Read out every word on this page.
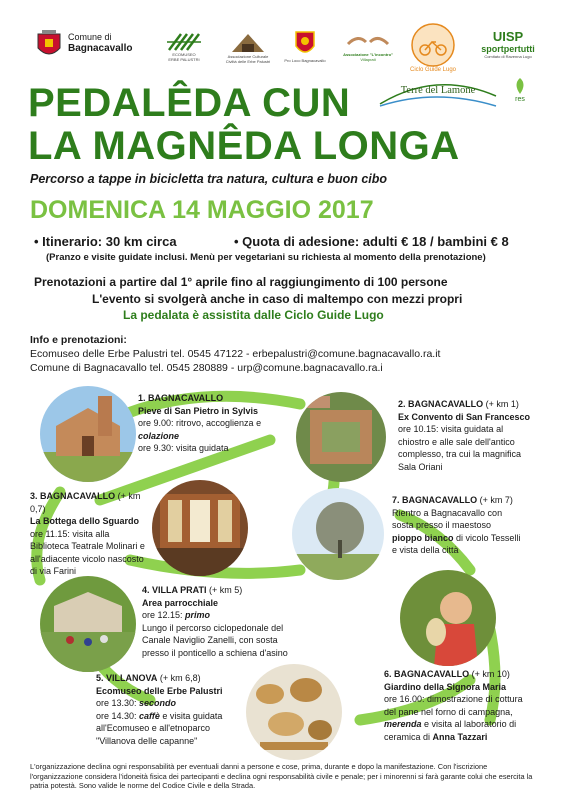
Comune di
Bagnacavallo
ECOMUSEO
ERBE PALUSTRI
Associazione Culturale
Civiltà delle Erbe Palustri	Pro Loco Bagnacavallo
Associazione "L'incontro"
Villaprati
Ciclo Guide Lugo
UISP
sportpertutti
Comitato di Ravenna Lugo
Terre del Lamone
res
PEDALÊDA CUN
LA MAGNÊDA LONGA
Percorso a tappe in bicicletta tra natura, cultura e buon cibo
DOMENICA 14 MAGGIO 2017
• Itinerario: 30 km circa	• Quota di adesione: adulti € 18 / bambini € 8
(Pranzo e visite guidate inclusi. Menù per vegetariani su richiesta al momento della prenotazione)
Prenotazioni a partire dal 1° aprile fino al raggiungimento di 100 persone
L'evento si svolgerà anche in caso di maltempo con mezzi propri
La pedalata è assistita dalle Ciclo Guide Lugo
Info e prenotazioni:
Ecomuseo delle Erbe Palustri tel. 0545 47122 - erbepalustri@comune.bagnacavallo.ra.it
Comune di Bagnacavallo tel. 0545 280889 - urp@comune.bagnacavallo.ra.i
1. BAGNACAVALLO
Pieve di San Pietro in Sylvis
ore 9.00: ritrovo, accoglienza e
colazione
ore 9.30: visita guidata
2. BAGNACAVALLO (+ km 1)
Ex Convento di San Francesco
ore 10.15: visita guidata al
chiostro e alle sale dell'antico
complesso, tra cui la magnifica
Sala Oriani
3. BAGNACAVALLO (+ km 0,7)
La Bottega dello Sguardo
ore 11.15: visita alla
Biblioteca Teatrale Molinari e
all'adiacente vicolo nascosto
di via Farini
7. BAGNACAVALLO (+ km 7)
Rientro a Bagnacavallo con
sosta presso il maestoso
pioppo bianco di vicolo Tesselli
e vista della città
4. VILLA PRATI (+ km 5)
Area parrocchiale
ore 12.15: primo
Lungo il percorso ciclopedonale del
Canale Naviglio Zanelli, con sosta
presso il ponticello a schiena d'asino
5. VILLANOVA (+ km 6,8)
Ecomuseo delle Erbe Palustri
ore 13.30: secondo
ore 14.30: caffè e visita guidata
all'Ecomuseo e all'etnoparco
"Villanova delle capanne"
6. BAGNACAVALLO (+ km 10)
Giardino della Signora Maria
ore 16.00: dimostrazione di cottura
del pane nel forno di campagna,
merenda e visita al laboratorio di
ceramica di Anna Tazzari
L'organizzazione declina ogni responsabilità per eventuali danni a persone e cose, prima, durante e dopo la manifestazione. Con l'iscrizione l'organizzazione considera l'idoneità fisica dei partecipanti e declina ogni responsabilità civile e penale; per i minorenni si farà garante colui che esercita la patria potestà. Sono valide le norme del Codice Civile e della Strada.
